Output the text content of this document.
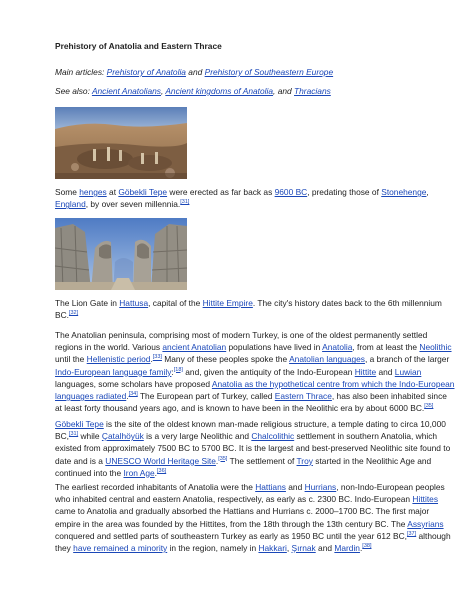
Prehistory of Anatolia and Eastern Thrace
Main articles: Prehistory of Anatolia and Prehistory of Southeastern Europe
See also: Ancient Anatolians, Ancient kingdoms of Anatolia, and Thracians
Some henges at Göbekli Tepe were erected as far back as 9600 BC, predating those of Stonehenge, England, by over seven millennia.[31]
The Lion Gate in Hattusa, capital of the Hittite Empire. The city's history dates back to the 6th millennium BC.[32]
The Anatolian peninsula, comprising most of modern Turkey, is one of the oldest permanently settled regions in the world. Various ancient Anatolian populations have lived in Anatolia, from at least the Neolithic until the Hellenistic period.[33] Many of these peoples spoke the Anatolian languages, a branch of the larger Indo-European language family:[18] and, given the antiquity of the Indo-European Hittite and Luwian languages, some scholars have proposed Anatolia as the hypothetical centre from which the Indo-European languages radiated.[34] The European part of Turkey, called Eastern Thrace, has also been inhabited since at least forty thousand years ago, and is known to have been in the Neolithic era by about 6000 BC.[35]
Göbekli Tepe is the site of the oldest known man-made religious structure, a temple dating to circa 10,000 BC,[31] while Çatalhöyük is a very large Neolithic and Chalcolithic settlement in southern Anatolia, which existed from approximately 7500 BC to 5700 BC. It is the largest and best-preserved Neolithic site found to date and is a UNESCO World Heritage Site.[35] The settlement of Troy started in the Neolithic Age and continued into the Iron Age.[36]
The earliest recorded inhabitants of Anatolia were the Hattians and Hurrians, non-Indo-European peoples who inhabited central and eastern Anatolia, respectively, as early as c. 2300 BC. Indo-European Hittites came to Anatolia and gradually absorbed the Hattians and Hurrians c. 2000–1700 BC. The first major empire in the area was founded by the Hittites, from the 18th through the 13th century BC. The Assyrians conquered and settled parts of southeastern Turkey as early as 1950 BC until the year 612 BC,[37] although they have remained a minority in the region, namely in Hakkari, Şırnak and Mardin.[38]
